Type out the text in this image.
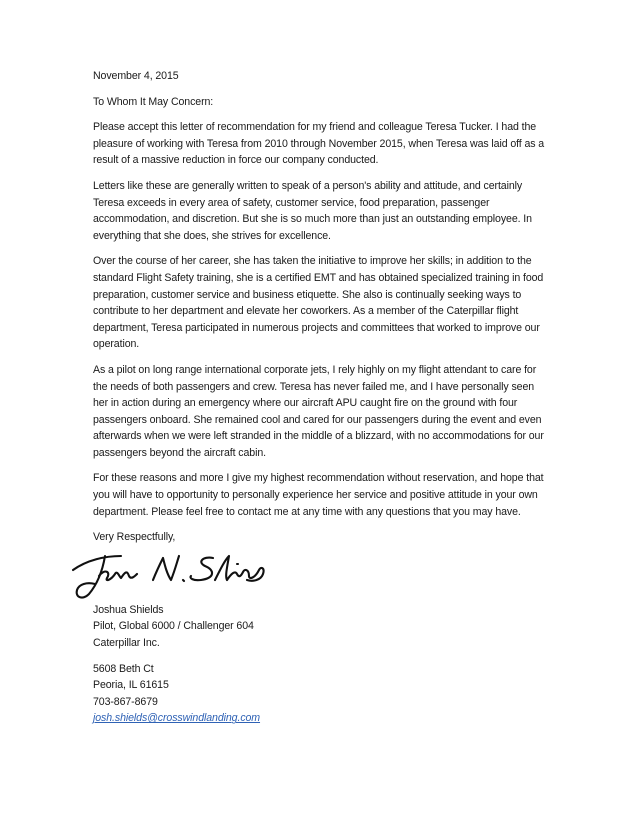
November 4, 2015

To Whom It May Concern:

Please accept this letter of recommendation for my friend and colleague Teresa Tucker. I had the pleasure of working with Teresa from 2010 through November 2015, when Teresa was laid off as a result of a massive reduction in force our company conducted.

Letters like these are generally written to speak of a person's ability and attitude, and certainly Teresa exceeds in every area of safety, customer service, food preparation, passenger accommodation, and discretion. But she is so much more than just an outstanding employee. In everything that she does, she strives for excellence.

Over the course of her career, she has taken the initiative to improve her skills; in addition to the standard Flight Safety training, she is a certified EMT and has obtained specialized training in food preparation, customer service and business etiquette. She also is continually seeking ways to contribute to her department and elevate her coworkers. As a member of the Caterpillar flight department, Teresa participated in numerous projects and committees that worked to improve our operation.

As a pilot on long range international corporate jets, I rely highly on my flight attendant to care for the needs of both passengers and crew. Teresa has never failed me, and I have personally seen her in action during an emergency where our aircraft APU caught fire on the ground with four passengers onboard. She remained cool and cared for our passengers during the event and even afterwards when we were left stranded in the middle of a blizzard, with no accommodations for our passengers beyond the aircraft cabin.

For these reasons and more I give my highest recommendation without reservation, and hope that you will have to opportunity to personally experience her service and positive attitude in your own department. Please feel free to contact me at any time with any questions that you may have.

Very Respectfully,

Joshua Shields

Pilot, Global 6000 / Challenger 604

Caterpillar Inc.

5608 Beth Ct

Peoria, IL 61615

703-867-8679

josh.shields@crosswindlanding.com
